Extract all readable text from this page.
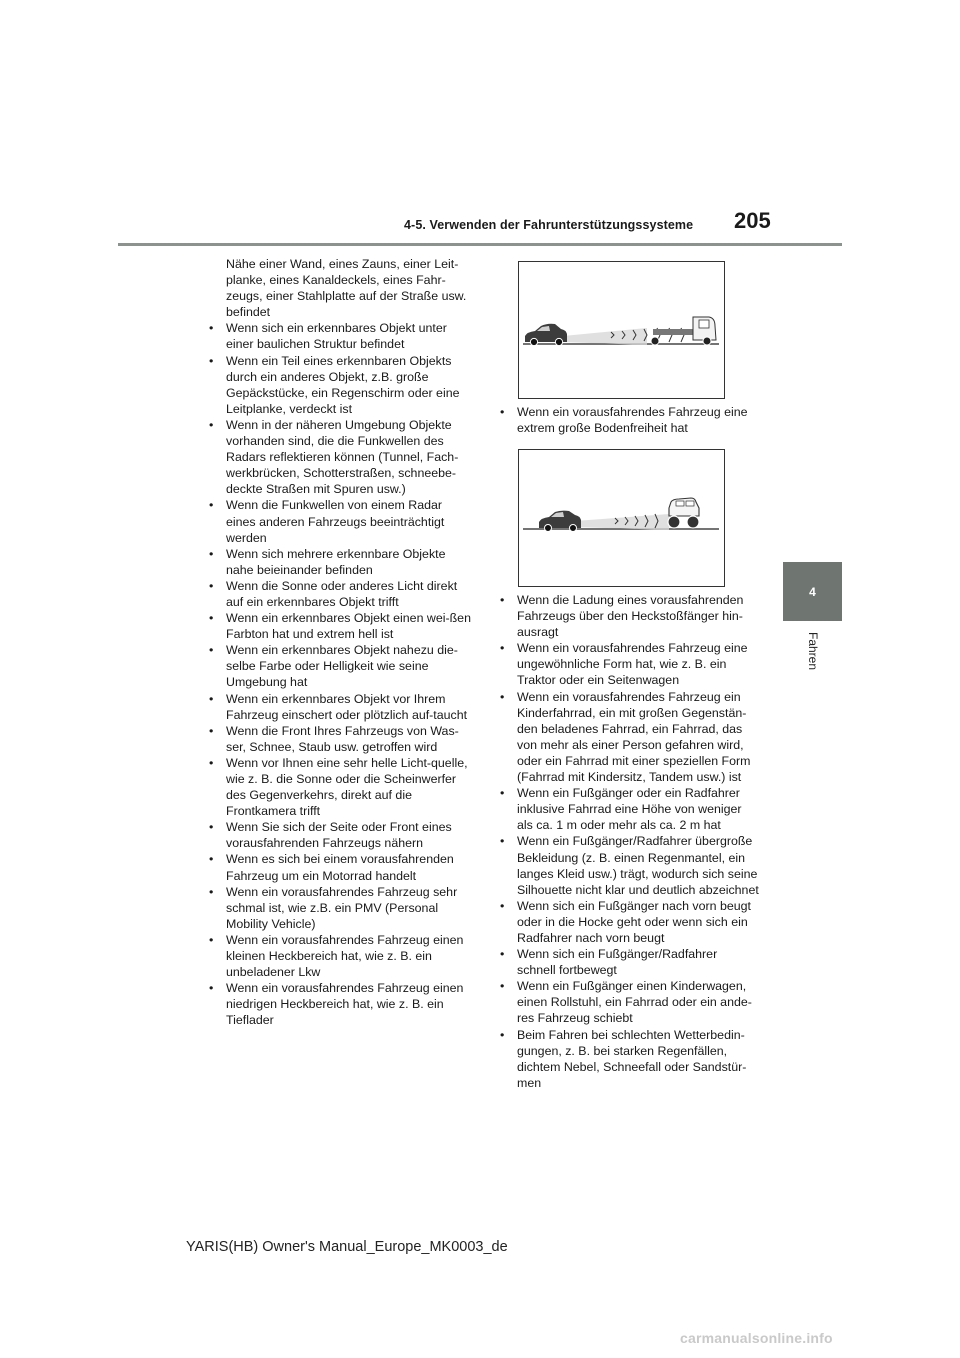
4-5. Verwenden der Fahrunterstützungssysteme 205
4
Fahren
Nähe einer Wand, eines Zauns, einer Leit-planke, eines Kanaldeckels, eines Fahr-zeugs, einer Stahlplatte auf der Straße usw. befindet
• Wenn sich ein erkennbares Objekt unter einer baulichen Struktur befindet
• Wenn ein Teil eines erkennbaren Objekts durch ein anderes Objekt, z.B. große Gepäckstücke, ein Regenschirm oder eine Leitplanke, verdeckt ist
• Wenn in der näheren Umgebung Objekte vorhanden sind, die die Funkwellen des Radars reflektieren können (Tunnel, Fach-werkbrücken, Schotterstraßen, schneebe-deckte Straßen mit Spuren usw.)
• Wenn die Funkwellen von einem Radar eines anderen Fahrzeugs beeinträchtigt werden
• Wenn sich mehrere erkennbare Objekte nahe beieinander befinden
• Wenn die Sonne oder anderes Licht direkt auf ein erkennbares Objekt trifft
• Wenn ein erkennbares Objekt einen wei-ßen Farbton hat und extrem hell ist
• Wenn ein erkennbares Objekt nahezu die-selbe Farbe oder Helligkeit wie seine Umgebung hat
• Wenn ein erkennbares Objekt vor Ihrem Fahrzeug einschert oder plötzlich auf-taucht
• Wenn die Front Ihres Fahrzeugs von Was-ser, Schnee, Staub usw. getroffen wird
• Wenn vor Ihnen eine sehr helle Licht-quelle, wie z. B. die Sonne oder die Scheinwerfer des Gegenverkehrs, direkt auf die Frontkamera trifft
• Wenn Sie sich der Seite oder Front eines vorausfahrenden Fahrzeugs nähern
• Wenn es sich bei einem vorausfahrenden Fahrzeug um ein Motorrad handelt
• Wenn ein vorausfahrendes Fahrzeug sehr schmal ist, wie z.B. ein PMV (Personal Mobility Vehicle)
• Wenn ein vorausfahrendes Fahrzeug einen kleinen Heckbereich hat, wie z. B. ein unbeladener Lkw
• Wenn ein vorausfahrendes Fahrzeug einen niedrigen Heckbereich hat, wie z. B. ein Tieflader
• Wenn ein vorausfahrendes Fahrzeug eine extrem große Bodenfreiheit hat
• Wenn die Ladung eines vorausfahrenden Fahrzeugs über den Heckstoßfänger hin-ausragt
• Wenn ein vorausfahrendes Fahrzeug eine ungewöhnliche Form hat, wie z. B. ein Traktor oder ein Seitenwagen
• Wenn ein vorausfahrendes Fahrzeug ein Kinderfahrrad, ein mit großen Gegenstän-den beladenes Fahrrad, ein Fahrrad, das von mehr als einer Person gefahren wird, oder ein Fahrrad mit einer speziellen Form (Fahrrad mit Kindersitz, Tandem usw.) ist
• Wenn ein Fußgänger oder ein Radfahrer inklusive Fahrrad eine Höhe von weniger als ca. 1 m oder mehr als ca. 2 m hat
• Wenn ein Fußgänger/Radfahrer übergroße Bekleidung (z. B. einen Regenmantel, ein langes Kleid usw.) trägt, wodurch sich seine Silhouette nicht klar und deutlich abzeichnet
• Wenn sich ein Fußgänger nach vorn beugt oder in die Hocke geht oder wenn sich ein Radfahrer nach vorn beugt
• Wenn sich ein Fußgänger/Radfahrer schnell fortbewegt
• Wenn ein Fußgänger einen Kinderwagen, einen Rollstuhl, ein Fahrrad oder ein ande-res Fahrzeug schiebt
• Beim Fahren bei schlechten Wetterbedin-gungen, z. B. bei starken Regenfällen, dichtem Nebel, Schneefall oder Sandstür-men
YARIS(HB) Owner's Manual_Europe_MK0003_de
carmanualsonline.info
